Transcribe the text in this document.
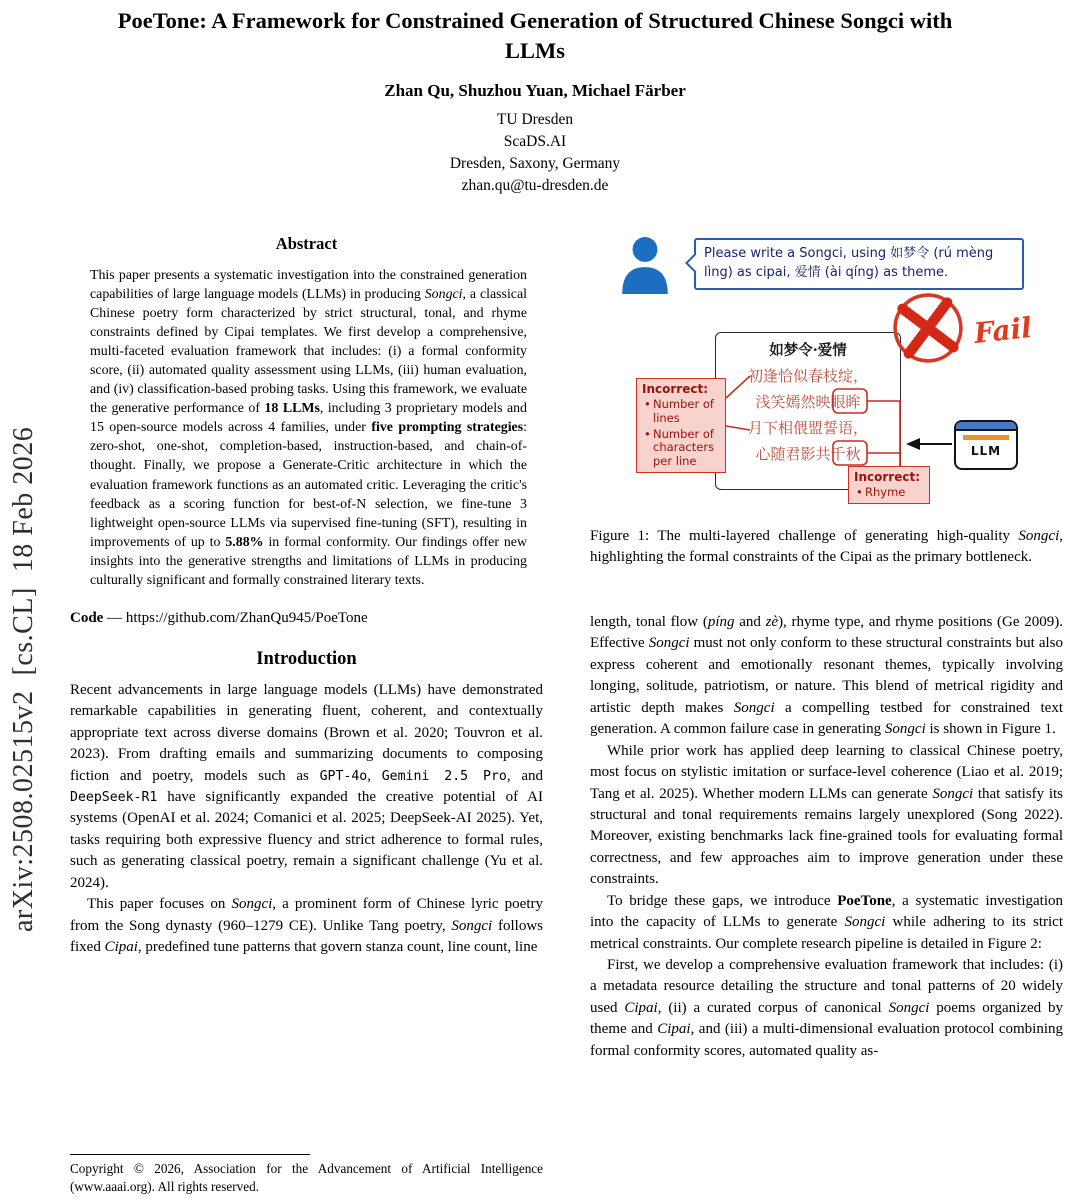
arXiv:2508.02515v2  [cs.CL]  18 Feb 2026
PoeTone: A Framework for Constrained Generation of Structured Chinese Songci with LLMs
Zhan Qu, Shuzhou Yuan, Michael Färber
TU Dresden
ScaDS.AI
Dresden, Saxony, Germany
zhan.qu@tu-dresden.de
Abstract

This paper presents a systematic investigation into the constrained generation capabilities of large language models (LLMs) in producing Songci, a classical Chinese poetry form characterized by strict structural, tonal, and rhyme constraints defined by Cipai templates. We first develop a comprehensive, multi-faceted evaluation framework that includes: (i) a formal conformity score, (ii) automated quality assessment using LLMs, (iii) human evaluation, and (iv) classification-based probing tasks. Using this framework, we evaluate the generative performance of 18 LLMs, including 3 proprietary models and 15 open-source models across 4 families, under five prompting strategies: zero-shot, one-shot, completion-based, instruction-based, and chain-of-thought. Finally, we propose a Generate-Critic architecture in which the evaluation framework functions as an automated critic. Leveraging the critic's feedback as a scoring function for best-of-N selection, we fine-tune 3 lightweight open-source LLMs via supervised fine-tuning (SFT), resulting in improvements of up to 5.88% in formal conformity. Our findings offer new insights into the generative strengths and limitations of LLMs in producing culturally significant and formally constrained literary texts.

Code — https://github.com/ZhanQu945/PoeTone

Introduction

Recent advancements in large language models (LLMs) have demonstrated remarkable capabilities in generating fluent, coherent, and contextually appropriate text across diverse domains (Brown et al. 2020; Touvron et al. 2023). From drafting emails and summarizing documents to composing fiction and poetry, models such as GPT-4o, Gemini 2.5 Pro, and DeepSeek-R1 have significantly expanded the creative potential of AI systems (OpenAI et al. 2024; Comanici et al. 2025; DeepSeek-AI 2025). Yet, tasks requiring both expressive fluency and strict adherence to formal rules, such as generating classical poetry, remain a significant challenge (Yu et al. 2024).

This paper focuses on Songci, a prominent form of Chinese lyric poetry from the Song dynasty (960–1279 CE). Unlike Tang poetry, Songci follows fixed Cipai, predefined tune patterns that govern stanza count, line count, line

Please write a Songci, using 如梦令 (rú mèng lìng) as cipai, 爱情 (ài qíng) as theme.
如梦令·爱情
初逢恰似春枝绽，
浅笑嫣然映眼眸
月下相偎盟誓语，
心随君影共千秋
Incorrect:
• Number of lines
• Number of characters per line
Fail
LLM
Incorrect:
• Rhyme

Figure 1: The multi-layered challenge of generating high-quality Songci, highlighting the formal constraints of the Cipai as the primary bottleneck.

length, tonal flow (píng and zè), rhyme type, and rhyme positions (Ge 2009). Effective Songci must not only conform to these structural constraints but also express coherent and emotionally resonant themes, typically involving longing, solitude, patriotism, or nature. This blend of metrical rigidity and artistic depth makes Songci a compelling testbed for constrained text generation. A common failure case in generating Songci is shown in Figure 1.

While prior work has applied deep learning to classical Chinese poetry, most focus on stylistic imitation or surface-level coherence (Liao et al. 2019; Tang et al. 2025). Whether modern LLMs can generate Songci that satisfy its structural and tonal requirements remains largely unexplored (Song 2022). Moreover, existing benchmarks lack fine-grained tools for evaluating formal correctness, and few approaches aim to improve generation under these constraints.

To bridge these gaps, we introduce PoeTone, a systematic investigation into the capacity of LLMs to generate Songci while adhering to its strict metrical constraints. Our complete research pipeline is detailed in Figure 2:

First, we develop a comprehensive evaluation framework that includes: (i) a metadata resource detailing the structure and tonal patterns of 20 widely used Cipai, (ii) a curated corpus of canonical Songci poems organized by theme and Cipai, and (iii) a multi-dimensional evaluation protocol combining formal conformity scores, automated quality as-

Copyright © 2026, Association for the Advancement of Artificial Intelligence (www.aaai.org). All rights reserved.
